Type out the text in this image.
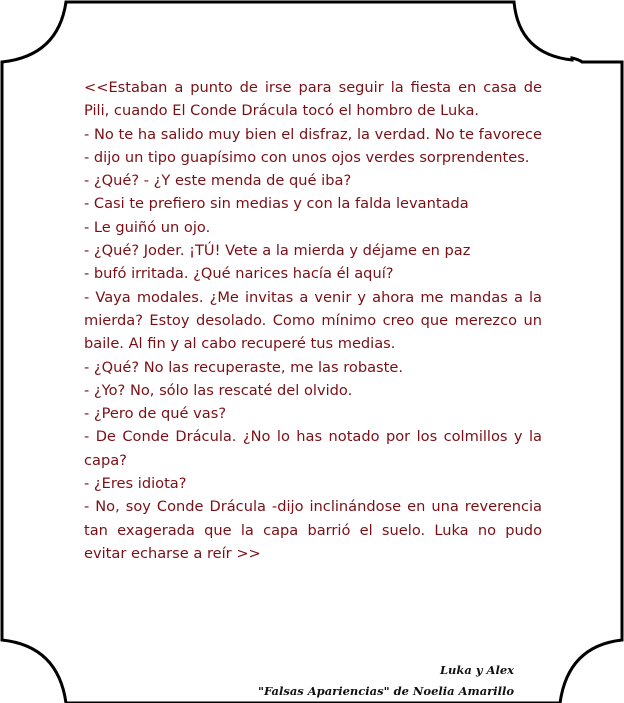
<<Estaban a punto de irse para seguir la fiesta en casa de Pili, cuando El Conde Drácula tocó el hombro de Luka.

- No te ha salido muy bien el disfraz, la verdad. No te favorece - dijo un tipo guapísimo con unos ojos verdes sorprendentes.

- ¿Qué? - ¿Y este menda de qué iba?

- Casi te prefiero sin medias y con la falda levantada

- Le guiñó un ojo.

- ¿Qué? Joder. ¡TÚ! Vete a la mierda y déjame en paz

- bufó irritada. ¿Qué narices hacía él aquí?

- Vaya modales. ¿Me invitas a venir y ahora me mandas a la mierda? Estoy desolado. Como mínimo creo que merezco un baile. Al fin y al cabo recuperé tus medias.

- ¿Qué? No las recuperaste, me las robaste.

- ¿Yo? No, sólo las rescaté del olvido.

- ¿Pero de qué vas?

- De Conde Drácula. ¿No lo has notado por los colmillos y la capa?

- ¿Eres idiota?

- No, soy Conde Drácula -dijo inclinándose en una reverencia tan exagerada que la capa barrió el suelo. Luka no pudo evitar echarse a reír >>

Luka y Alex
"Falsas Apariencias" de Noelia Amarillo
